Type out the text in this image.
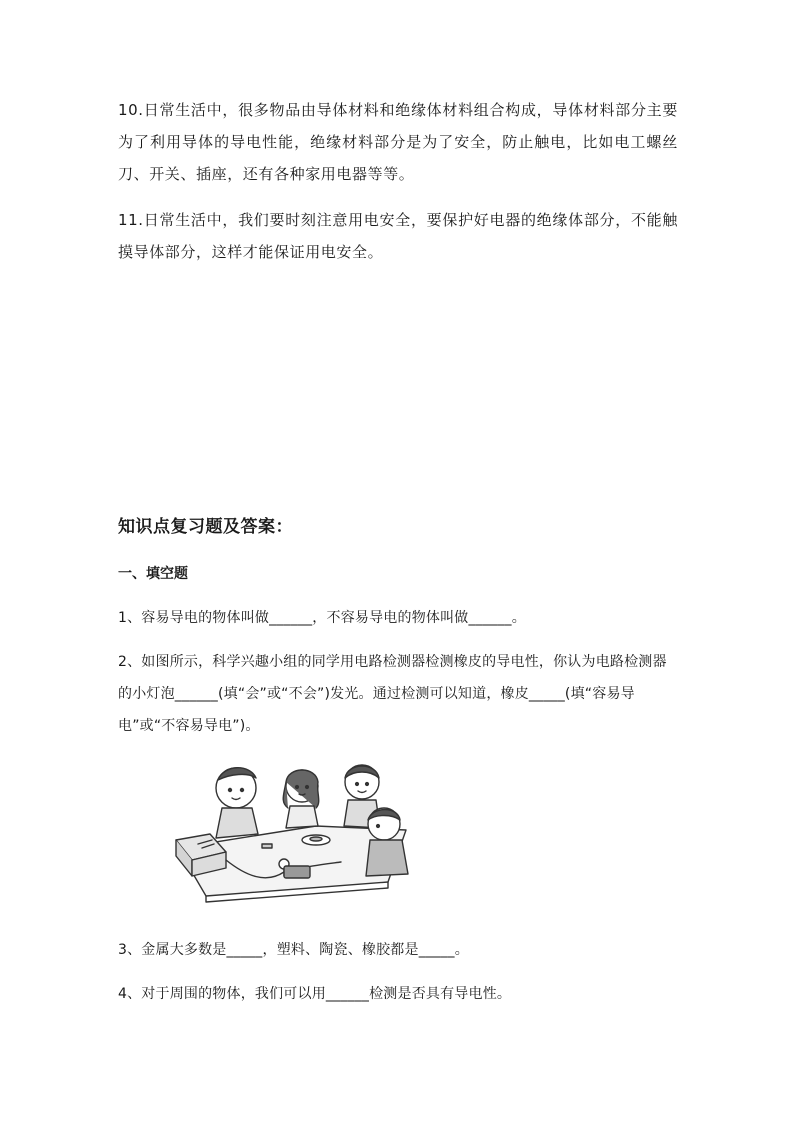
10.日常生活中，很多物品由导体材料和绝缘体材料组合构成，导体材料部分主要为了利用导体的导电性能，绝缘材料部分是为了安全，防止触电，比如电工螺丝刀、开关、插座，还有各种家用电器等等。
11.日常生活中，我们要时刻注意用电安全，要保护好电器的绝缘体部分，不能触摸导体部分，这样才能保证用电安全。
知识点复习题及答案：
一、填空题
1、容易导电的物体叫做______，不容易导电的物体叫做______。
2、如图所示，科学兴趣小组的同学用电路检测器检测橡皮的导电性，你认为电路检测器的小灯泡______(填“会”或“不会”)发光。通过检测可以知道，橡皮_____(填“容易导电”或“不容易导电”)。
3、金属大多数是_____，塑料、陶瓷、橡胶都是_____。
4、对于周围的物体，我们可以用______检测是否具有导电性。
